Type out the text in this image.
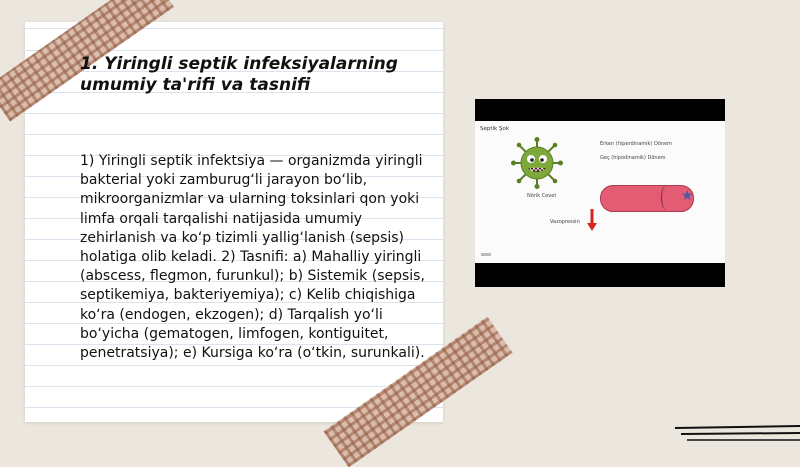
1. Yiringli septik infeksiyalarning umumiy ta'rifi va tasnifi

1) Yiringli septik infektsiya — organizmda yiringli bakterial yoki zamburug‘li jarayon bo‘lib, mikroorganizmlar va ularning toksinlari qon yoki limfa orqali tarqalishi natijasida umumiy zehirlanish va ko‘p tizimli yallig‘lanish (sepsis) holatiga olib keladi. 2) Tasnifi: a) Mahalliy yiringli (abscess, flegmon, furunkul); b) Sistemik (sepsis, septikemiya, bakteriyemiya); c) Kelib chiqishiga ko‘ra (endogen, ekzogen); d) Tarqalish yo‘li bo‘yicha (gematogen, limfogen, kontiguitet, penetratsiya); e) Kursiga ko‘ra (o‘tkin, surunkali).

Septik Şok
Erken (hiperdinamik) Dönem
Geç (hipodinamik) Dönem
Nörik Cevet	★
Vazopressin
